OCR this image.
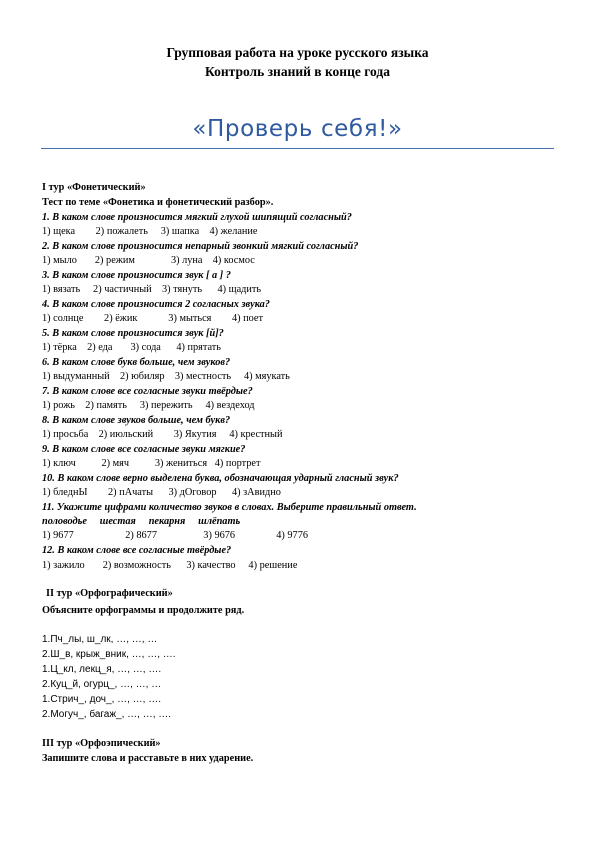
Групповая работа на уроке русского языка
Контроль знаний в конце года
«Проверь себя!»
I тур «Фонетический»
Тест по теме «Фонетика и фонетический разбор».
1. В каком слове произносится мягкий глухой шипящий согласный?
1) щека        2) пожалеть     3) шапка    4) желание
2. В каком слове произносится непарный звонкий мягкий согласный?
1) мыло       2) режим              3) луна    4) космос
3. В каком слове произносится звук [ а ] ?
1) вязать     2) частичный    3) тянуть      4) щадить
4. В каком слове произносится 2 согласных звука?
1) солнце        2) ёжик            3) мыться        4) поет
5. В каком слове произносится звук [й]?
1) тёрка    2) еда       3) сода      4) прятать
6. В каком слове букв больше, чем звуков?
1) выдуманный    2) юбиляр    3) местность     4) мяукать
7. В каком слове все согласные звуки твёрдые?
1) рожь    2) память     3) пережить     4) вездеход
8. В каком слове звуков больше, чем букв?
1) просьба    2) июльский        3) Якутия     4) крестный
9. В каком слове все согласные звуки мягкие?
1) ключ          2) мяч          3) жениться   4) портрет
10. В каком слове верно выделена буква, обозначающая ударный гласный звук?
1) бледнЫ        2) пАчаты      3) дОговор      4) зАвидно
11. Укажите цифрами количество звуков в словах. Выберите правильный ответ.
половодье     шестая     пекарня     шлёпать
1) 9677                    2) 8677                  3) 9676                4) 9776
12. В каком слове все согласные твёрдые?
1) зажило       2) возможность      3) качество     4) решение
II тур «Орфографический»
Объясните орфограммы и продолжите ряд.
1.Пч_лы, ш_лк, …, …, …
2.Ш_в, крыж_вник, …, …, ….
1.Ц_кл, лекц_я, …, …, ….
2.Куц_й, огурц_, …, …, …
1.Стрич_, доч_, …, …, ….
2.Могуч_, багаж_, …, …, ….
III тур «Орфоэпический»
Запишите слова и расставьте в них ударение.
